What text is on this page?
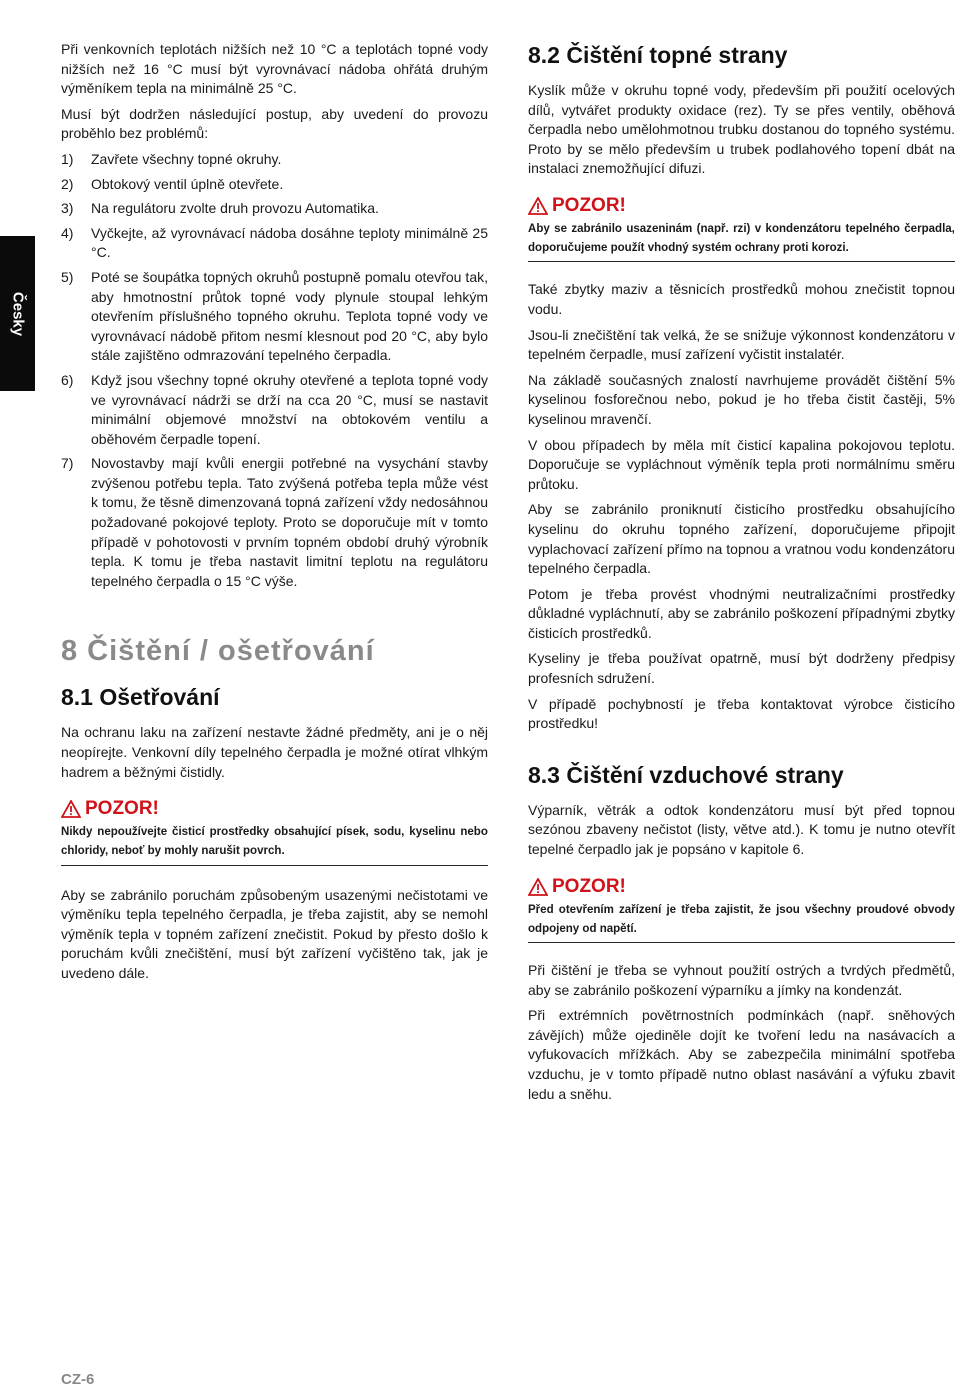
Česky

Při venkovních teplotách nižších než 10 °C a teplotách topné vody nižších než 16 °C musí být vyrovnávací nádoba ohřátá druhým výměníkem tepla na minimálně 25 °C.

Musí být dodržen následující postup, aby uvedení do provozu proběhlo bez problémů:

1) Zavřete všechny topné okruhy.
2) Obtokový ventil úplně otevřete.
3) Na regulátoru zvolte druh provozu Automatika.
4) Vyčkejte, až vyrovnávací nádoba dosáhne teploty minimálně 25 °C.
5) Poté se šoupátka topných okruhů postupně pomalu otevřou tak, aby hmotnostní průtok topné vody plynule stoupal lehkým otevřením příslušného topného okruhu. Teplota topné vody ve vyrovnávací nádobě přitom nesmí klesnout pod 20 °C, aby bylo stále zajištěno odmrazování tepelného čerpadla.
6) Když jsou všechny topné okruhy otevřené a teplota topné vody ve vyrovnávací nádrži se drží na cca 20 °C, musí se nastavit minimální objemové množství na obtokovém ventilu a oběhovém čerpadle topení.
7) Novostavby mají kvůli energii potřebné na vysychání stavby zvýšenou potřebu tepla. Tato zvýšená potřeba tepla může vést k tomu, že těsně dimenzovaná topná zařízení vždy nedosáhnou požadované pokojové teploty. Proto se doporučuje mít v tomto případě v pohotovosti v prvním topném období druhý výrobník tepla. K tomu je třeba nastavit limitní teplotu na regulátoru tepelného čerpadla o 15 °C výše.
8 Čištění / ošetřování
8.1 Ošetřování

Na ochranu laku na zařízení nestavte žádné předměty, ani je o něj neopírejte. Venkovní díly tepelného čerpadla je možné otírat vlhkým hadrem a běžnými čistidly.

POZOR!
Nikdy nepoužívejte čisticí prostředky obsahující písek, sodu, kyselinu nebo chloridy, neboť by mohly narušit povrch.

Aby se zabránilo poruchám způsobeným usazenými nečistotami ve výměníku tepla tepelného čerpadla, je třeba zajistit, aby se nemohl výměník tepla v topném zařízení znečistit. Pokud by přesto došlo k poruchám kvůli znečištění, musí být zařízení vyčištěno tak, jak je uvedeno dále.

8.2 Čištění topné strany

Kyslík může v okruhu topné vody, především při použití ocelových dílů, vytvářet produkty oxidace (rez). Ty se přes ventily, oběhová čerpadla nebo umělohmotnou trubku dostanou do topného systému. Proto by se mělo především u trubek podlahového topení dbát na instalaci znemožňující difuzi.

POZOR!
Aby se zabránilo usazeninám (např. rzi) v kondenzátoru tepelného čerpadla, doporučujeme použít vhodný systém ochrany proti korozi.

Také zbytky maziv a těsnicích prostředků mohou znečistit topnou vodu.

Jsou-li znečištění tak velká, že se snižuje výkonnost kondenzátoru v tepelném čerpadle, musí zařízení vyčistit instalatér.

Na základě současných znalostí navrhujeme provádět čištění 5% kyselinou fosforečnou nebo, pokud je ho třeba čistit častěji, 5% kyselinou mravenčí.

V obou případech by měla mít čisticí kapalina pokojovou teplotu. Doporučuje se vypláchnout výměník tepla proti normálnímu směru průtoku.

Aby se zabránilo proniknutí čisticího prostředku obsahujícího kyselinu do okruhu topného zařízení, doporučujeme připojit vyplachovací zařízení přímo na topnou a vratnou vodu kondenzátoru tepelného čerpadla.

Potom je třeba provést vhodnými neutralizačními prostředky důkladné vypláchnutí, aby se zabránilo poškození případnými zbytky čisticích prostředků.

Kyseliny je třeba používat opatrně, musí být dodrženy předpisy profesních sdružení.

V případě pochybností je třeba kontaktovat výrobce čisticího prostředku!

8.3 Čištění vzduchové strany

Výparník, větrák a odtok kondenzátoru musí být před topnou sezónou zbaveny nečistot (listy, větve atd.). K tomu je nutno otevřít tepelné čerpadlo jak je popsáno v kapitole 6.

POZOR!
Před otevřením zařízení je třeba zajistit, že jsou všechny proudové obvody odpojeny od napětí.

Při čištění je třeba se vyhnout použití ostrých a tvrdých předmětů, aby se zabránilo poškození výparníku a jímky na kondenzát.

Při extrémních povětrnostních podmínkách (např. sněhových závějích) může ojediněle dojít ke tvoření ledu na nasávacích a vyfukovacích mřížkách. Aby se zabezpečila minimální spotřeba vzduchu, je v tomto případě nutno oblast nasávání a výfuku zbavit ledu a sněhu.

CZ-6
